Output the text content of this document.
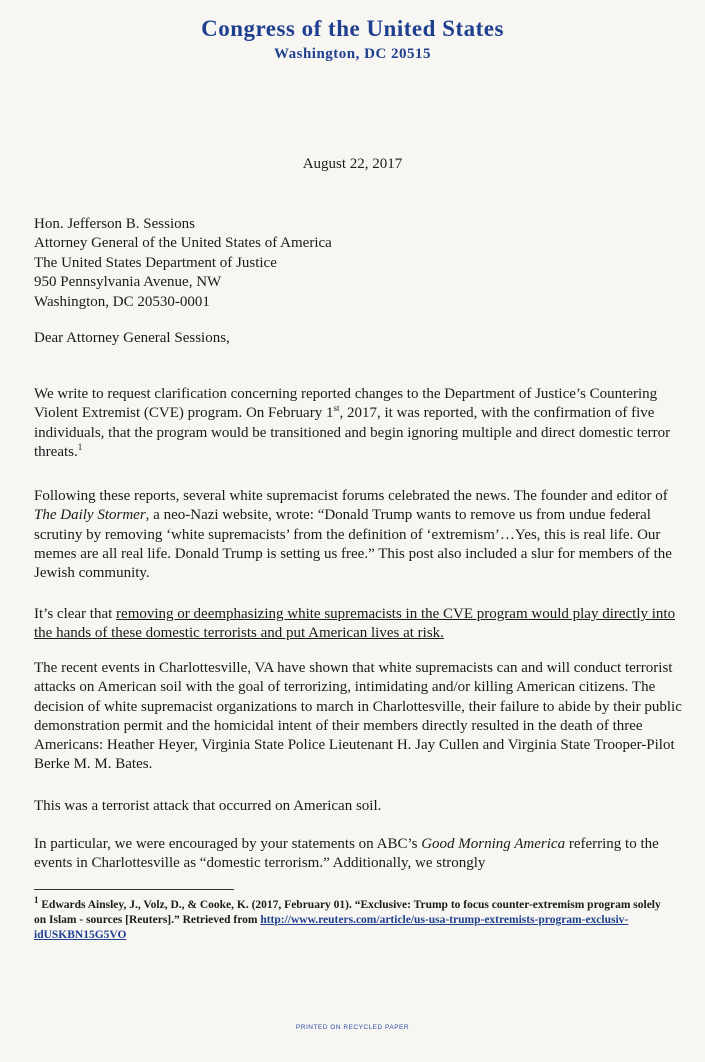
Congress of the United States
Washington, DC 20515
August 22, 2017
Hon. Jefferson B. Sessions
Attorney General of the United States of America
The United States Department of Justice
950 Pennsylvania Avenue, NW
Washington, DC 20530-0001
Dear Attorney General Sessions,

We write to request clarification concerning reported changes to the Department of Justice’s Countering Violent Extremist (CVE) program. On February 1st, 2017, it was reported, with the confirmation of five individuals, that the program would be transitioned and begin ignoring multiple and direct domestic terror threats.$^1$

Following these reports, several white supremacist forums celebrated the news. The founder and editor of The Daily Stormer, a neo-Nazi website, wrote: “Donald Trump wants to remove us from undue federal scrutiny by removing ‘white supremacists’ from the definition of ‘extremism’…Yes, this is real life. Our memes are all real life. Donald Trump is setting us free.” This post also included a slur for members of the Jewish community.

It’s clear that removing or deemphasizing white supremacists in the CVE program would play directly into the hands of these domestic terrorists and put American lives at risk.

The recent events in Charlottesville, VA have shown that white supremacists can and will conduct terrorist attacks on American soil with the goal of terrorizing, intimidating and/or killing American citizens. The decision of white supremacist organizations to march in Charlottesville, their failure to abide by their public demonstration permit and the homicidal intent of their members directly resulted in the death of three Americans: Heather Heyer, Virginia State Police Lieutenant H. Jay Cullen and Virginia State Trooper-Pilot Berke M. M. Bates.

This was a terrorist attack that occurred on American soil.

In particular, we were encouraged by your statements on ABC’s Good Morning America referring to the events in Charlottesville as “domestic terrorism.” Additionally, we strongly

$^1$ Edwards Ainsley, J., Volz, D., & Cooke, K. (2017, February 01). “Exclusive: Trump to focus counter-extremism program solely on Islam - sources [Reuters].” Retrieved from http://www.reuters.com/article/us-usa-trump-extremists-program-exclusiv-idUSKBN15G5VO
PRINTED ON RECYCLED PAPER
